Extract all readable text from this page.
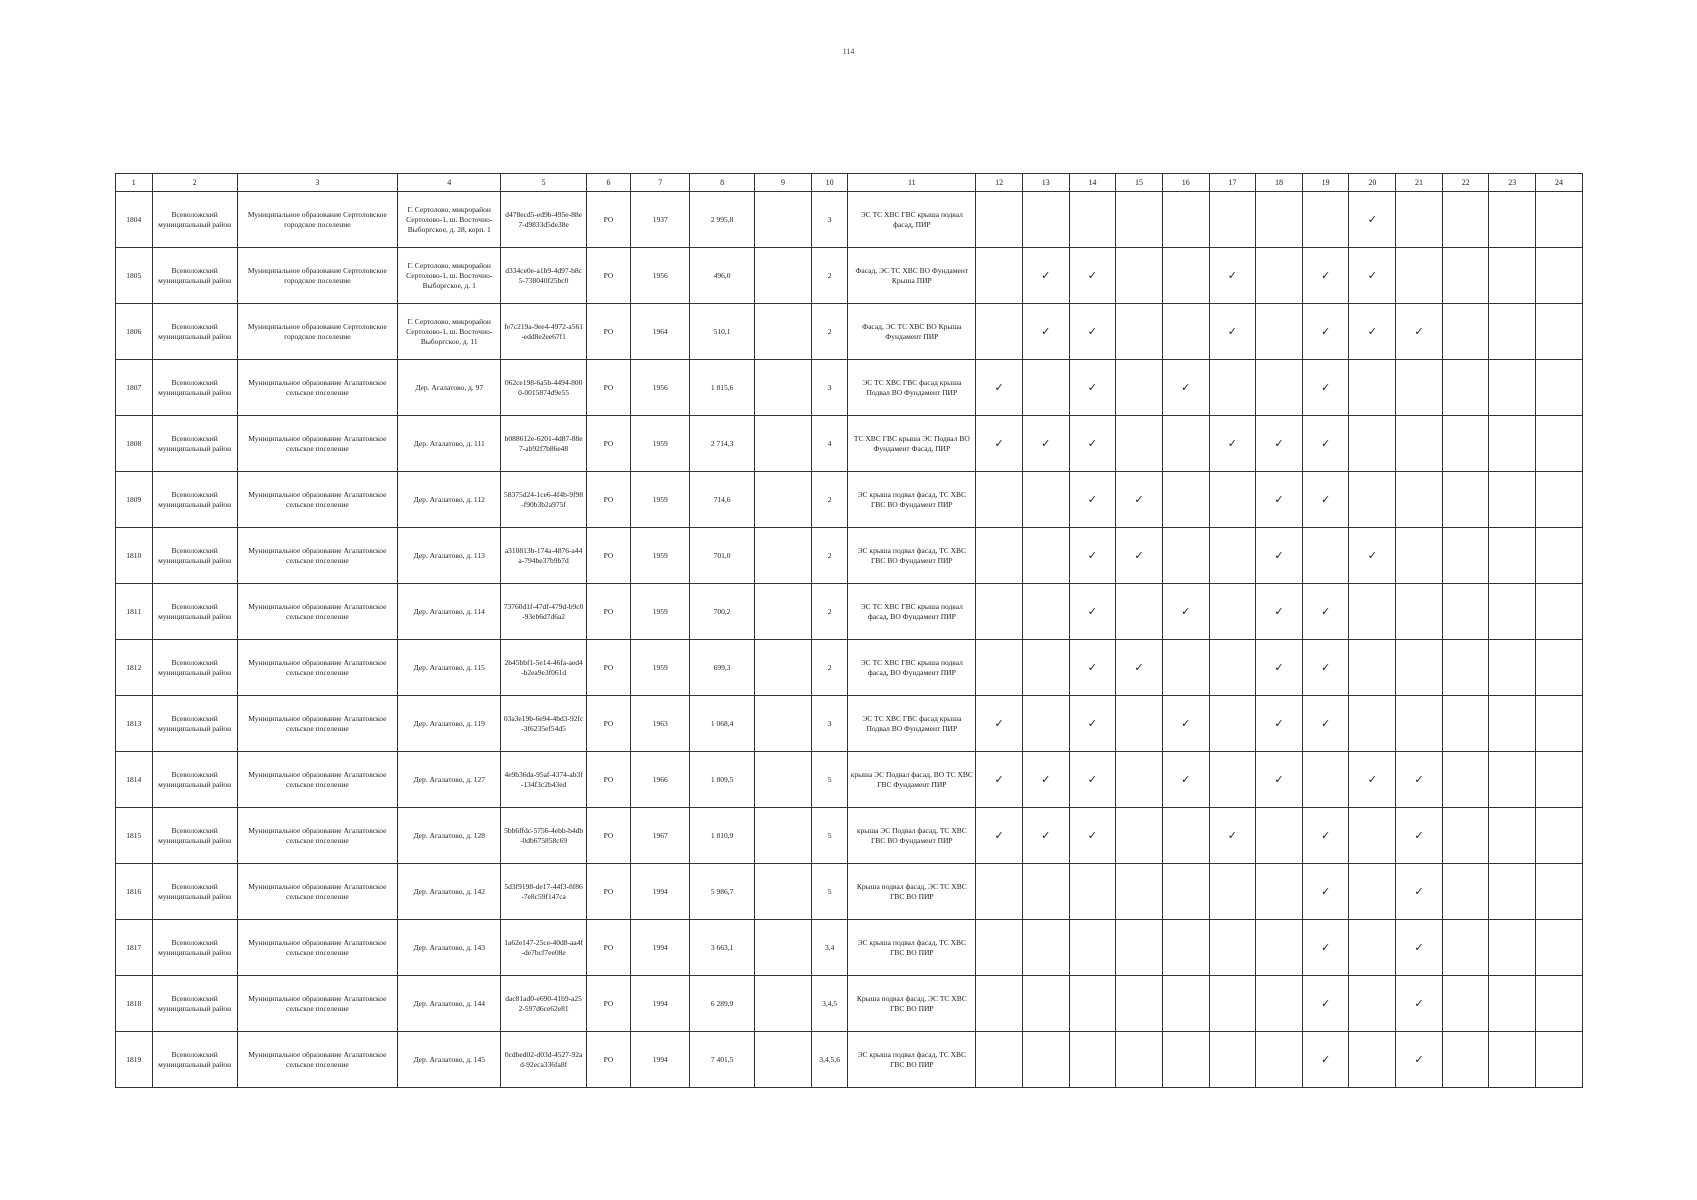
114
1	2	3	4	5	6	7	8	9	10	11	12	13	14	15	16	17	18	19	20	21	22	23	24
1804	Всеволожский муниципальный район	Муниципальное образование Сертоловское городское поселение	Г. Сертолово, микрорайон Сертолово-1, ш. Восточно-Выборгское, д. 28, корп. 1	d478ecd5-ed9b-495e-88e7-d9833d5de38e	РО	1937	2 995,8		3	ЭС ТС ХВС ГВС крыша подвал фасад, ПИР									✓				
1805	Всеволожский муниципальный район	Муниципальное образование Сертоловское городское поселение	Г. Сертолово, микрорайон Сертолово-1, ш. Восточно-Выборгское, д. 1	d334ce0e-a1b9-4d97-b8c5-738040f25bc0	РО	1956	496,0		2	Фасад, ЭС ТС ХВС ВО Фундамент Крыша ПИР		✓	✓			✓		✓	✓				
1806	Всеволожский муниципальный район	Муниципальное образование Сертоловское городское поселение	Г. Сертолово, микрорайон Сертолово-1, ш. Восточно-Выборгское, д. 11	fe7c219a-9ee4-4972-a561-edd8e2ee67f1	РО	1964	510,1		2	Фасад, ЭС ТС ХВС ВО Крыша Фундамент ПИР		✓	✓			✓		✓	✓	✓			
1807	Всеволожский муниципальный район	Муниципальное образование Агалатовское сельское поселение	Дер. Агалатово, д. 97	062ce198-6a5b-4494-8000-0015874d9e55	РО	1956	1 815,6		3	ЭС ТС ХВС ГВС фасад крыша Подвал ВО Фундамент ПИР	✓		✓		✓			✓					
1808	Всеволожский муниципальный район	Муниципальное образование Агалатовское сельское поселение	Дер. Агалатово, д. 111	b088612e-6201-4d87-88e7-ab92f7b86e48	РО	1959	2 714,3		4	ТС ХВС ГВС крыша ЭС Подвал ВО Фундамент Фасад, ПИР	✓	✓	✓			✓	✓	✓					
1809	Всеволожский муниципальный район	Муниципальное образование Агалатовское сельское поселение	Дер. Агалатово, д. 112	58375d24-1ce6-4f4b-9f98-f90b3b2a975f	РО	1959	714,6		2	ЭС крыша подвал фасад, ТС ХВС ГВС ВО Фундамент ПИР			✓	✓			✓	✓					
1810	Всеволожский муниципальный район	Муниципальное образование Агалатовское сельское поселение	Дер. Агалатово, д. 113	a310813b-174a-4876-a44a-794be37b9b7d	РО	1959	701,0		2	ЭС крыша подвал фасад, ТС ХВС ГВС ВО Фундамент ПИР			✓	✓			✓		✓				
1811	Всеволожский муниципальный район	Муниципальное образование Агалатовское сельское поселение	Дер. Агалатово, д. 114	73760d1f-47df-479d-b9c0-93eb6d7d6a2	РО	1959	700,2		2	ЭС ТС ХВС ГВС крыша подвал фасад, ВО Фундамент ПИР			✓		✓		✓	✓					
1812	Всеволожский муниципальный район	Муниципальное образование Агалатовское сельское поселение	Дер. Агалатово, д. 115	2b45bbf1-5e14-46fa-aed4-b2ea9e3f061d	РО	1959	699,3		2	ЭС ТС ХВС ГВС крыша подвал фасад, ВО Фундамент ПИР			✓	✓			✓	✓					
1813	Всеволожский муниципальный район	Муниципальное образование Агалатовское сельское поселение	Дер. Агалатово, д. 119	03a3e19b-6e94-4bd3-92fc-3f6235ef54d5	РО	1963	1 068,4		3	ЭС ТС ХВС ГВС фасад крыша Подвал ВО Фундамент ПИР	✓		✓		✓		✓	✓					
1814	Всеволожский муниципальный район	Муниципальное образование Агалатовское сельское поселение	Дер. Агалатово, д. 127	4e9b36da-95af-4374-ab3f-134f3c2b43ed	РО	1966	1 809,5		5	крыша ЭС Подвал фасад, ВО ТС ХВС ГВС Фундамент ПИР	✓	✓	✓		✓		✓		✓	✓			
1815	Всеволожский муниципальный район	Муниципальное образование Агалатовское сельское поселение	Дер. Агалатово, д. 128	5bb6ffdc-5756-4ebb-b4db-0db675858c69	РО	1967	1 810,9		5	крыша ЭС Подвал фасад, ТС ХВС ГВС ВО Фундамент ПИР	✓	✓	✓			✓		✓		✓			
1816	Всеволожский муниципальный район	Муниципальное образование Агалатовское сельское поселение	Дер. Агалатово, д. 142	5d3f9198-de17-44f3-8f86-7e8c59f147ca	РО	1994	5 986,7		5	Крыша подвал фасад, ЭС ТС ХВС ГВС ВО ПИР								✓		✓			
1817	Всеволожский муниципальный район	Муниципальное образование Агалатовское сельское поселение	Дер. Агалатово, д. 143	1a62e147-25ce-40d8-aa4f-de7bcf7ee08e	РО	1994	3 663,1		3,4	ЭС крыша подвал фасад, ТС ХВС ГВС ВО ПИР								✓		✓			
1818	Всеволожский муниципальный район	Муниципальное образование Агалатовское сельское поселение	Дер. Агалатово, д. 144	dac81ad0-e690-41b9-a252-597d6ce62e81	РО	1994	6 289,9		3,4,5	Крыша подвал фасад, ЭС ТС ХВС ГВС ВО ПИР								✓		✓			
1819	Всеволожский муниципальный район	Муниципальное образование Агалатовское сельское поселение	Дер. Агалатово, д. 145	0cdbed02-d03d-4527-92ad-92eca336fa8f	РО	1994	7 401,5		3,4,5,6	ЭС крыша подвал фасад, ТС ХВС ГВС ВО ПИР								✓		✓			
